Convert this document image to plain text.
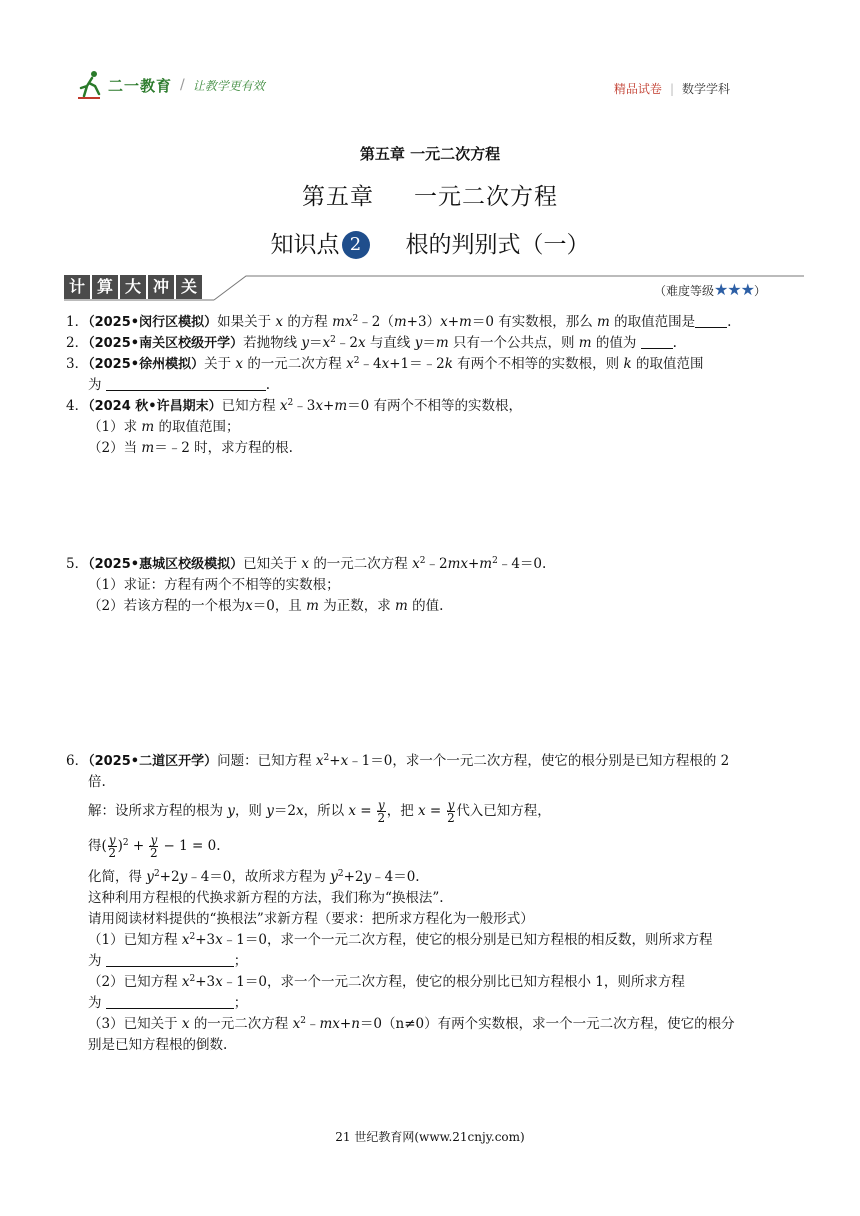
二一教育 / 让教学更有效	精品试卷 | 数学学科
第五章 一元二次方程
第五章 一元二次方程
知识点 2 根的判别式（一）
计 算 大 冲 关	（难度等级★★★）

1．（2025•闵行区模拟）如果关于 x 的方程 $mx^2﹣2(m+3)x+m=0$ 有实数根，那么 m 的取值范围是 .

2．（2025•南关区校级开学）若抛物线 $y=x^2﹣2x$ 与直线 y＝m 只有一个公共点，则 m 的值为	.

3．（2025•徐州模拟）关于 x 的一元二次方程 $x^2﹣4x+1=﹣2k$ 有两个不相等的实数根，则 k 的取值范围

为	.

4．（2024 秋•许昌期末）已知方程 $x^2﹣3x+m=0$ 有两个不相等的实数根，

（1）求 m 的取值范围；

（2）当 m＝﹣2 时，求方程的根.

5．（2025•惠城区校级模拟）已知关于 x 的一元二次方程 $x^2﹣2mx+m^2﹣4=0$.

（1）求证：方程有两个不相等的实数根；

（2）若该方程的一个根为x＝0，且 m 为正数，求 m 的值.

6．（2025•二道区开学）问题：已知方程 $x^2+x﹣1=0$，求一个一元二次方程，使它的根分别是已知方程根的 2

倍.

解：设所求方程的根为 y，则 y＝2x，所以 $x = \frac{y}{2}$ ，把 $x = \frac{y}{2}$ 代入已知方程，

得( $\frac{y}{2} )^2 + \frac{y}{2} - 1 = 0$.

化简，得 $y^2+2y﹣4=0$，故所求方程为 $y^2+2y﹣4=0$.

这种利用方程根的代换求新方程的方法，我们称为“换根法”.

请用阅读材料提供的“换根法”求新方程（要求：把所求方程化为一般形式）

（1）已知方程 $x^2+3x﹣1=0$，求一个一元二次方程，使它的根分别是已知方程根的相反数，则所求方程

为	；

（2）已知方程 $x^2+3x﹣1=0$，求一个一元二次方程，使它的根分别比已知方程根小 1，则所求方程

为	；

（3）已知关于 x 的一元二次方程 $x^2﹣mx+n=0(n\ne 0)$有两个实数根，求一个一元二次方程，使它的根分

别是已知方程根的倒数.

21 世纪教育网(www.21cnjy.com)
